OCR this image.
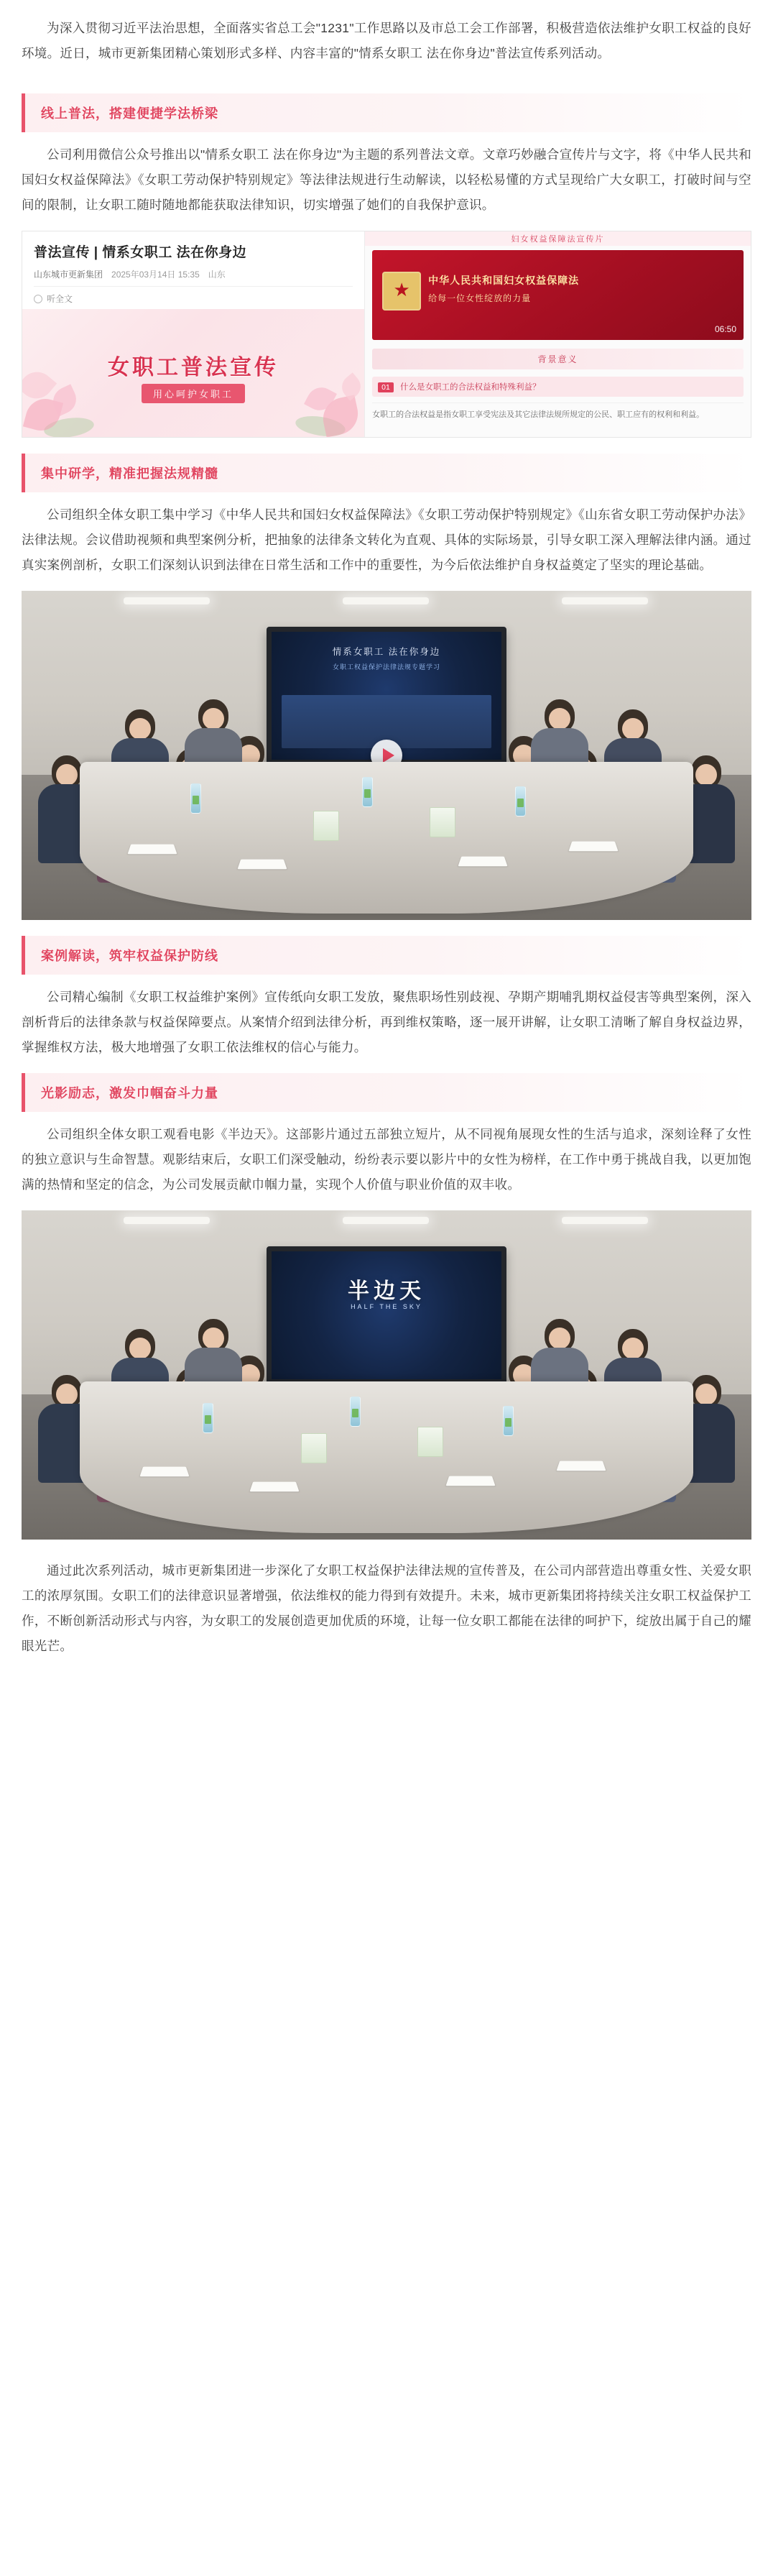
为深入贯彻习近平法治思想，全面落实省总工会"1231"工作思路以及市总工会工作部署，积极营造依法维护女职工权益的良好环境。近日，城市更新集团精心策划形式多样、内容丰富的"情系女职工 法在你身边"普法宣传系列活动。

线上普法，搭建便捷学法桥梁

公司利用微信公众号推出以"情系女职工 法在你身边"为主题的系列普法文章。文章巧妙融合宣传片与文字，将《中华人民共和国妇女权益保障法》《女职工劳动保护特别规定》等法律法规进行生动解读，以轻松易懂的方式呈现给广大女职工，打破时间与空间的限制，让女职工随时随地都能获取法律知识，切实增强了她们的自我保护意识。

普法宣传 | 情系女职工 法在你身边
山东城市更新集团 2025年03月14日 15:35 山东
听全文
女职工普法宣传
用心呵护女职工
妇女权益保障法宣传片
★
中华人民共和国妇女权益保障法
给每一位女性绽放的力量
06:50
背景意义
01 什么是女职工的合法权益和特殊利益？
女职工的合法权益是指女职工享受宪法及其它法律法规所规定的公民、职工应有的权利和利益。
集中研学，精准把握法规精髓

公司组织全体女职工集中学习《中华人民共和国妇女权益保障法》《女职工劳动保护特别规定》《山东省女职工劳动保护办法》法律法规。会议借助视频和典型案例分析，把抽象的法律条文转化为直观、具体的实际场景，引导女职工深入理解法律内涵。通过真实案例剖析，女职工们深刻认识到法律在日常生活和工作中的重要性，为今后依法维护自身权益奠定了坚实的理论基础。

情系女职工 法在你身边
女职工权益保护法律法规专题学习
案例解读，筑牢权益保护防线

公司精心编制《女职工权益维护案例》宣传纸向女职工发放，聚焦职场性别歧视、孕期产期哺乳期权益侵害等典型案例，深入剖析背后的法律条款与权益保障要点。从案情介绍到法律分析，再到维权策略，逐一展开讲解，让女职工清晰了解自身权益边界，掌握维权方法，极大地增强了女职工依法维权的信心与能力。

光影励志，激发巾帼奋斗力量

公司组织全体女职工观看电影《半边天》。这部影片通过五部独立短片，从不同视角展现女性的生活与追求，深刻诠释了女性的独立意识与生命智慧。观影结束后，女职工们深受触动，纷纷表示要以影片中的女性为榜样，在工作中勇于挑战自我，以更加饱满的热情和坚定的信念，为公司发展贡献巾帼力量，实现个人价值与职业价值的双丰收。

半边天
HALF THE SKY

通过此次系列活动，城市更新集团进一步深化了女职工权益保护法律法规的宣传普及，在公司内部营造出尊重女性、关爱女职工的浓厚氛围。女职工们的法律意识显著增强，依法维权的能力得到有效提升。未来，城市更新集团将持续关注女职工权益保护工作，不断创新活动形式与内容，为女职工的发展创造更加优质的环境，让每一位女职工都能在法律的呵护下，绽放出属于自己的耀眼光芒。
